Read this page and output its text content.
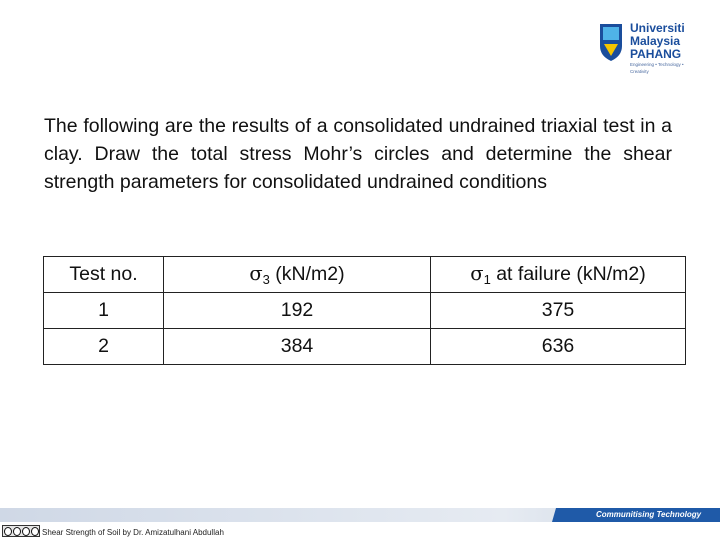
Universiti
Malaysia
PAHANG
Engineering • Technology • Creativity

The following are the results of a consolidated undrained triaxial test in a clay. Draw the total stress Mohr’s circles and determine the shear strength parameters for consolidated undrained conditions

Test no.	$\sigma_3$ (kN/m2)	$\sigma_1$ at failure (kN/m2)
1	192	375
2	384	636
Communitising Technology
Shear Strength of Soil by Dr. Amizatulhani Abdullah
